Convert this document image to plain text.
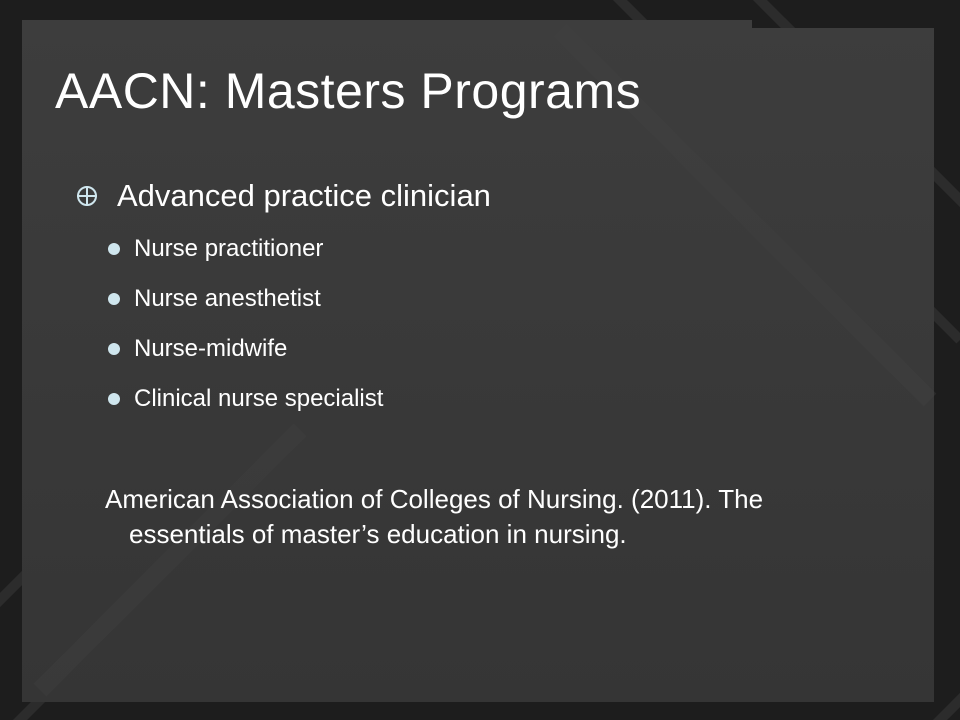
AACN: Masters Programs
Advanced practice clinician
Nurse practitioner
Nurse anesthetist
Nurse-midwife
Clinical nurse specialist

American Association of Colleges of Nursing. (2011). The essentials of master’s education in nursing.
